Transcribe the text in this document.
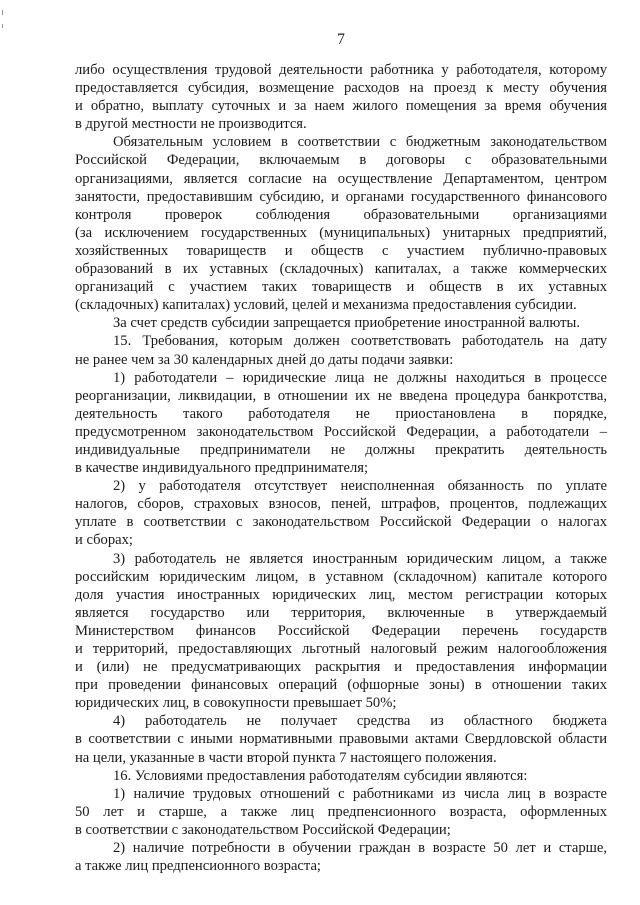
7
либо осуществления трудовой деятельности работника у работодателя, которому
предоставляется субсидия, возмещение расходов на проезд к месту обучения
и обратно, выплату суточных и за наем жилого помещения за время обучения
в другой местности не производится.
Обязательным условием в соответствии с бюджетным законодательством
Российской Федерации, включаемым в договоры с образовательными
организациями, является согласие на осуществление Департаментом, центром
занятости, предоставившим субсидию, и органами государственного финансового
контроля проверок соблюдения образовательными организациями
(за исключением государственных (муниципальных) унитарных предприятий,
хозяйственных товариществ и обществ с участием публично-правовых
образований в их уставных (складочных) капиталах, а также коммерческих
организаций с участием таких товариществ и обществ в их уставных
(складочных) капиталах) условий, целей и механизма предоставления субсидии.
За счет средств субсидии запрещается приобретение иностранной валюты.
15. Требования, которым должен соответствовать работодатель на дату
не ранее чем за 30 календарных дней до даты подачи заявки:
1) работодатели – юридические лица не должны находиться в процессе
реорганизации, ликвидации, в отношении их не введена процедура банкротства,
деятельность такого работодателя не приостановлена в порядке,
предусмотренном законодательством Российской Федерации, а работодатели –
индивидуальные предприниматели не должны прекратить деятельность
в качестве индивидуального предпринимателя;
2) у работодателя отсутствует неисполненная обязанность по уплате
налогов, сборов, страховых взносов, пеней, штрафов, процентов, подлежащих
уплате в соответствии с законодательством Российской Федерации о налогах
и сборах;
3) работодатель не является иностранным юридическим лицом, а также
российским юридическим лицом, в уставном (складочном) капитале которого
доля участия иностранных юридических лиц, местом регистрации которых
является государство или территория, включенные в утверждаемый
Министерством финансов Российской Федерации перечень государств
и территорий, предоставляющих льготный налоговый режим налогообложения
и (или) не предусматривающих раскрытия и предоставления информации
при проведении финансовых операций (офшорные зоны) в отношении таких
юридических лиц, в совокупности превышает 50%;
4) работодатель не получает средства из областного бюджета
в соответствии с иными нормативными правовыми актами Свердловской области
на цели, указанные в части второй пункта 7 настоящего положения.
16. Условиями предоставления работодателям субсидии являются:
1) наличие трудовых отношений с работниками из числа лиц в возрасте
50 лет и старше, а также лиц предпенсионного возраста, оформленных
в соответствии с законодательством Российской Федерации;
2) наличие потребности в обучении граждан в возрасте 50 лет и старше,
а также лиц предпенсионного возраста;
